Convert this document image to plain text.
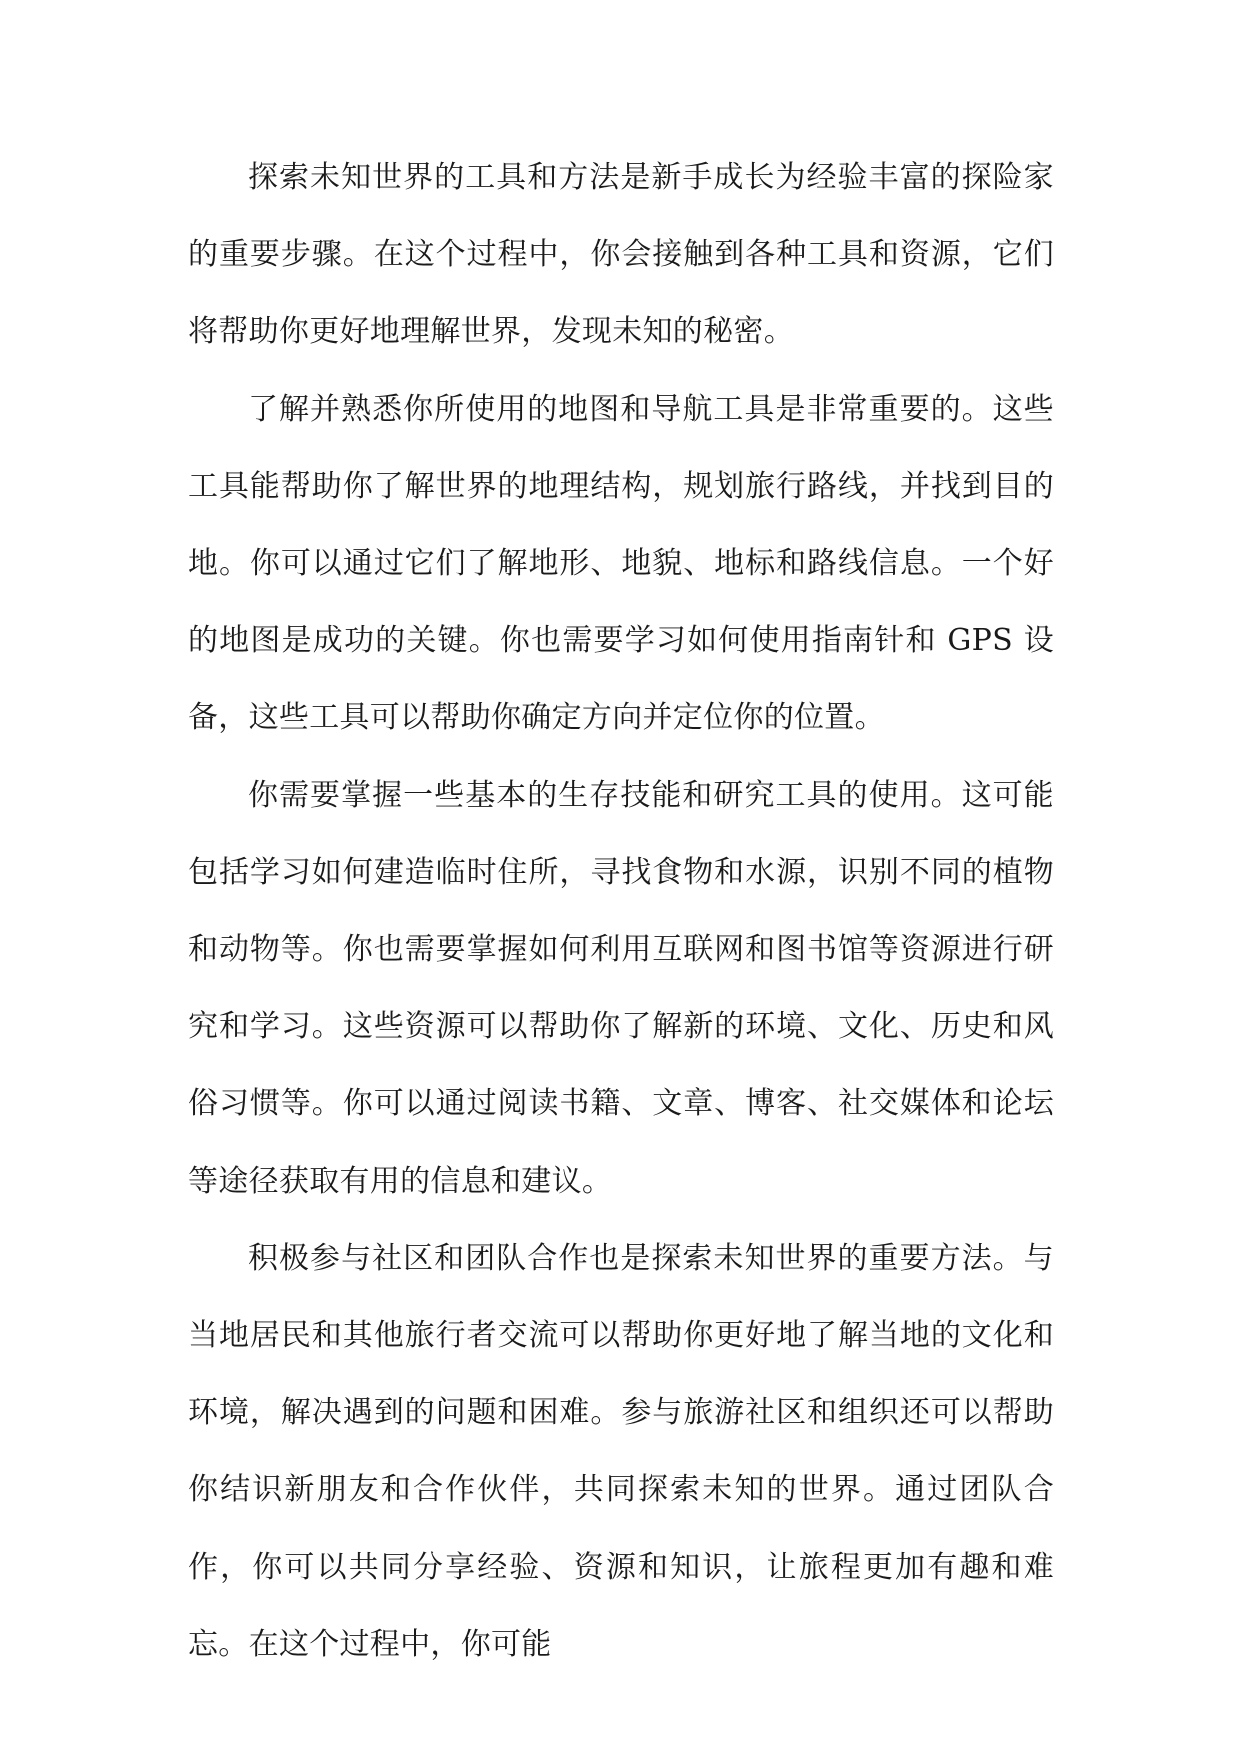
探索未知世界的工具和方法是新手成长为经验丰富的探险家的重要步骤。在这个过程中，你会接触到各种工具和资源，它们将帮助你更好地理解世界，发现未知的秘密。

了解并熟悉你所使用的地图和导航工具是非常重要的。这些工具能帮助你了解世界的地理结构，规划旅行路线，并找到目的地。你可以通过它们了解地形、地貌、地标和路线信息。一个好的地图是成功的关键。你也需要学习如何使用指南针和 GPS 设备，这些工具可以帮助你确定方向并定位你的位置。

你需要掌握一些基本的生存技能和研究工具的使用。这可能包括学习如何建造临时住所，寻找食物和水源，识别不同的植物和动物等。你也需要掌握如何利用互联网和图书馆等资源进行研究和学习。这些资源可以帮助你了解新的环境、文化、历史和风俗习惯等。你可以通过阅读书籍、文章、博客、社交媒体和论坛等途径获取有用的信息和建议。

积极参与社区和团队合作也是探索未知世界的重要方法。与当地居民和其他旅行者交流可以帮助你更好地了解当地的文化和环境，解决遇到的问题和困难。参与旅游社区和组织还可以帮助你结识新朋友和合作伙伴，共同探索未知的世界。通过团队合作，你可以共同分享经验、资源和知识，让旅程更加有趣和难忘。在这个过程中，你可能
